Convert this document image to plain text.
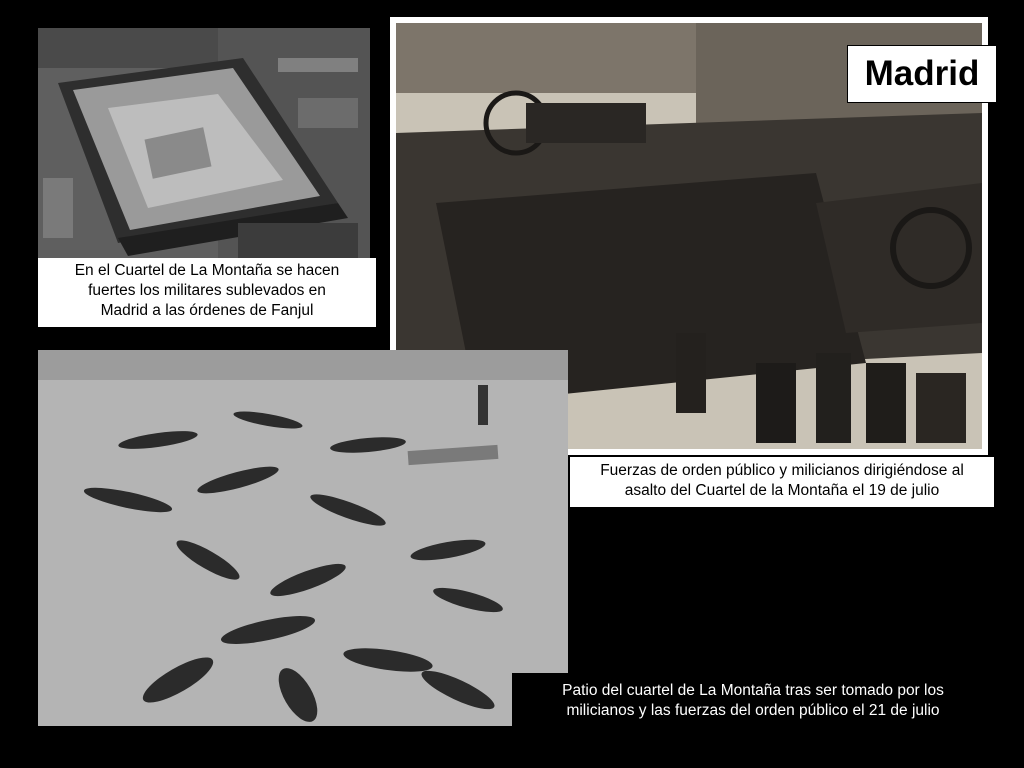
En el Cuartel de La Montaña se hacen
fuertes los militares sublevados en
Madrid a las órdenes de Fanjul
Madrid
Fuerzas de orden público y milicianos dirigiéndose al
asalto del Cuartel de la Montaña el 19 de julio
Patio del cuartel de La Montaña tras ser tomado por los
milicianos y las fuerzas del orden público el 21 de julio
